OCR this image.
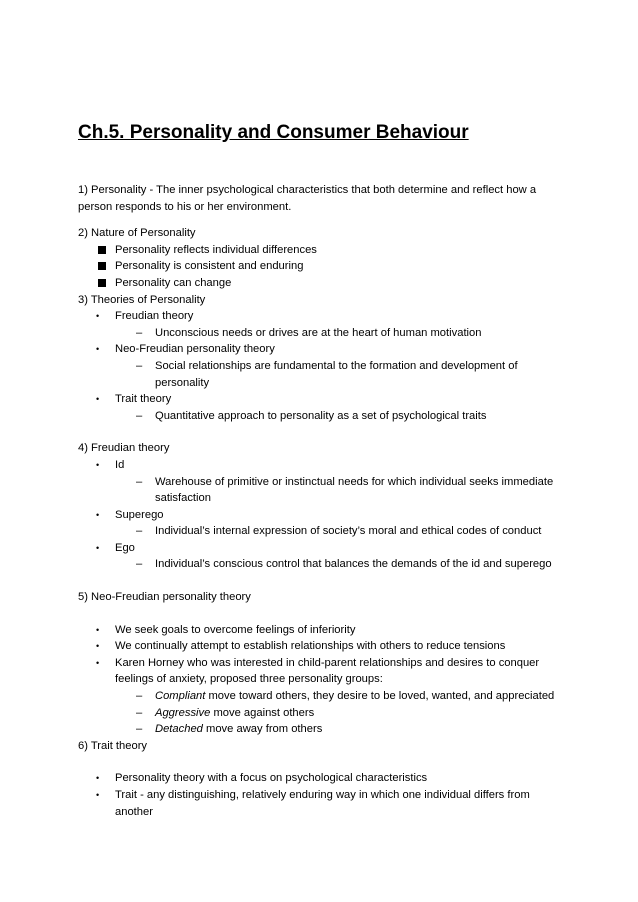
Ch.5. Personality and Consumer Behaviour

1) Personality - The inner psychological characteristics that both determine and reflect how a person responds to his or her environment.

2) Nature of Personality

Personality reflects individual differences
Personality is consistent and enduring
Personality can change

3) Theories of Personality

• Freudian theory
– Unconscious needs or drives are at the heart of human motivation
• Neo-Freudian personality theory
– Social relationships are fundamental to the formation and development of personality
• Trait theory
– Quantitative approach to personality as a set of psychological traits

4) Freudian theory

• Id
– Warehouse of primitive or instinctual needs for which individual seeks immediate satisfaction
• Superego
– Individual’s internal expression of society’s moral and ethical codes of conduct
• Ego
– Individual’s conscious control that balances the demands of the id and superego

5) Neo-Freudian personality theory

• We seek goals to overcome feelings of inferiority
• We continually attempt to establish relationships with others to reduce tensions
• Karen Horney who was interested in child-parent relationships and desires to conquer feelings of anxiety, proposed three personality groups:
– Compliant move toward others, they desire to be loved, wanted, and appreciated
– Aggressive move against others
– Detached move away from others

6) Trait theory

• Personality theory with a focus on psychological characteristics
• Trait - any distinguishing, relatively enduring way in which one individual differs from another
